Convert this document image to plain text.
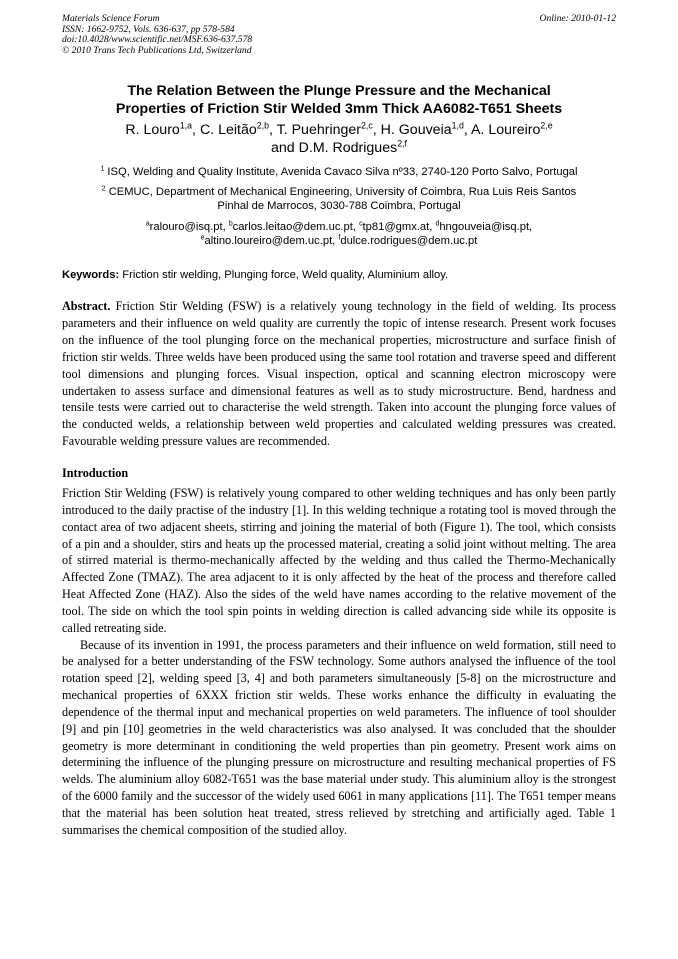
Materials Science Forum
ISSN: 1662-9752, Vols. 636-637, pp 578-584
doi:10.4028/www.scientific.net/MSF.636-637.578
© 2010 Trans Tech Publications Ltd, Switzerland
Online: 2010-01-12
The Relation Between the Plunge Pressure and the Mechanical
Properties of Friction Stir Welded 3mm Thick AA6082-T651 Sheets
R. Louro$^{1,a}$, C. Leitão$^{2,b}$, T. Puehringer$^{2,c}$, H. Gouveia$^{1,d}$, A. Loureiro$^{2,e}$
and D.M. Rodrigues$^{2,f}$
$^1$ ISQ, Welding and Quality Institute, Avenida Cavaco Silva nº33, 2740-120 Porto Salvo, Portugal
$^2$ CEMUC, Department of Mechanical Engineering, University of Coimbra, Rua Luis Reis Santos
Pinhal de Marrocos, 3030-788 Coimbra, Portugal
$^a$ralouro@isq.pt, $^b$carlos.leitao@dem.uc.pt, $^c$tp81@gmx.at, $^d$hngouveia@isq.pt,
$^e$altino.loureiro@dem.uc.pt, $^f$dulce.rodrigues@dem.uc.pt
Keywords: Friction stir welding, Plunging force, Weld quality, Aluminium alloy.
Abstract. Friction Stir Welding (FSW) is a relatively young technology in the field of welding. Its process parameters and their influence on weld quality are currently the topic of intense research. Present work focuses on the influence of the tool plunging force on the mechanical properties, microstructure and surface finish of friction stir welds. Three welds have been produced using the same tool rotation and traverse speed and different tool dimensions and plunging forces. Visual inspection, optical and scanning electron microscopy were undertaken to assess surface and dimensional features as well as to study microstructure. Bend, hardness and tensile tests were carried out to characterise the weld strength. Taken into account the plunging force values of the conducted welds, a relationship between weld properties and calculated welding pressures was created. Favourable welding pressure values are recommended.
Introduction
Friction Stir Welding (FSW) is relatively young compared to other welding techniques and has only been partly introduced to the daily practise of the industry [1]. In this welding technique a rotating tool is moved through the contact area of two adjacent sheets, stirring and joining the material of both (Figure 1). The tool, which consists of a pin and a shoulder, stirs and heats up the processed material, creating a solid joint without melting. The area of stirred material is thermo-mechanically affected by the welding and thus called the Thermo-Mechanically Affected Zone (TMAZ). The area adjacent to it is only affected by the heat of the process and therefore called Heat Affected Zone (HAZ). Also the sides of the weld have names according to the relative movement of the tool. The side on which the tool spin points in welding direction is called advancing side while its opposite is called retreating side.
Because of its invention in 1991, the process parameters and their influence on weld formation, still need to be analysed for a better understanding of the FSW technology. Some authors analysed the influence of the tool rotation speed [2], welding speed [3, 4] and both parameters simultaneously [5-8] on the microstructure and mechanical properties of 6XXX friction stir welds. These works enhance the difficulty in evaluating the dependence of the thermal input and mechanical properties on weld parameters. The influence of tool shoulder [9] and pin [10] geometries in the weld characteristics was also analysed. It was concluded that the shoulder geometry is more determinant in conditioning the weld properties than pin geometry. Present work aims on determining the influence of the plunging pressure on microstructure and resulting mechanical properties of FS welds. The aluminium alloy 6082-T651 was the base material under study. This aluminium alloy is the strongest of the 6000 family and the successor of the widely used 6061 in many applications [11]. The T651 temper means that the material has been solution heat treated, stress relieved by stretching and artificially aged. Table 1 summarises the chemical composition of the studied alloy.
